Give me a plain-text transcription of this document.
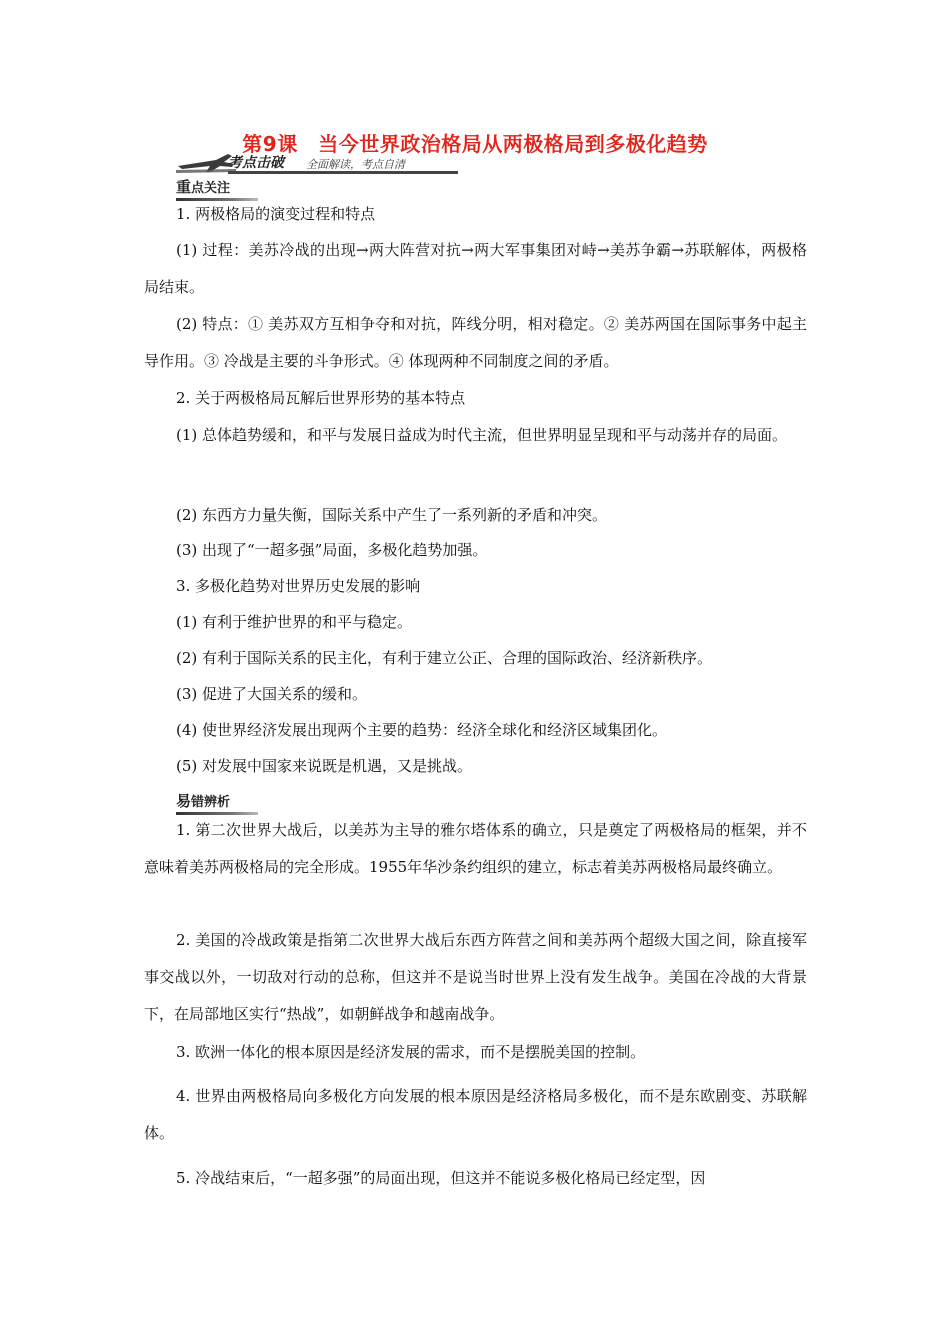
第9课　当今世界政治格局从两极格局到多极化趋势
考点击破 全面解读，考点自清
重点关注

1. 两极格局的演变过程和特点

(1) 过程：美苏冷战的出现→两大阵营对抗→两大军事集团对峙→美苏争霸→苏联解体，两极格局结束。

(2) 特点：① 美苏双方互相争夺和对抗，阵线分明，相对稳定。② 美苏两国在国际事务中起主导作用。③ 冷战是主要的斗争形式。④ 体现两种不同制度之间的矛盾。

2. 关于两极格局瓦解后世界形势的基本特点

(1) 总体趋势缓和，和平与发展日益成为时代主流，但世界明显呈现和平与动荡并存的局面。

(2) 东西方力量失衡，国际关系中产生了一系列新的矛盾和冲突。

(3) 出现了“一超多强”局面，多极化趋势加强。

3. 多极化趋势对世界历史发展的影响

(1) 有利于维护世界的和平与稳定。

(2) 有利于国际关系的民主化，有利于建立公正、合理的国际政治、经济新秩序。

(3) 促进了大国关系的缓和。

(4) 使世界经济发展出现两个主要的趋势：经济全球化和经济区域集团化。

(5) 对发展中国家来说既是机遇，又是挑战。

易错辨析

1. 第二次世界大战后，以美苏为主导的雅尔塔体系的确立，只是奠定了两极格局的框架，并不意味着美苏两极格局的完全形成。1955年华沙条约组织的建立，标志着美苏两极格局最终确立。

2. 美国的冷战政策是指第二次世界大战后东西方阵营之间和美苏两个超级大国之间，除直接军事交战以外，一切敌对行动的总称，但这并不是说当时世界上没有发生战争。美国在冷战的大背景下，在局部地区实行“热战”，如朝鲜战争和越南战争。

3. 欧洲一体化的根本原因是经济发展的需求，而不是摆脱美国的控制。

4. 世界由两极格局向多极化方向发展的根本原因是经济格局多极化，而不是东欧剧变、苏联解体。

5. 冷战结束后，“一超多强”的局面出现，但这并不能说多极化格局已经定型，因
